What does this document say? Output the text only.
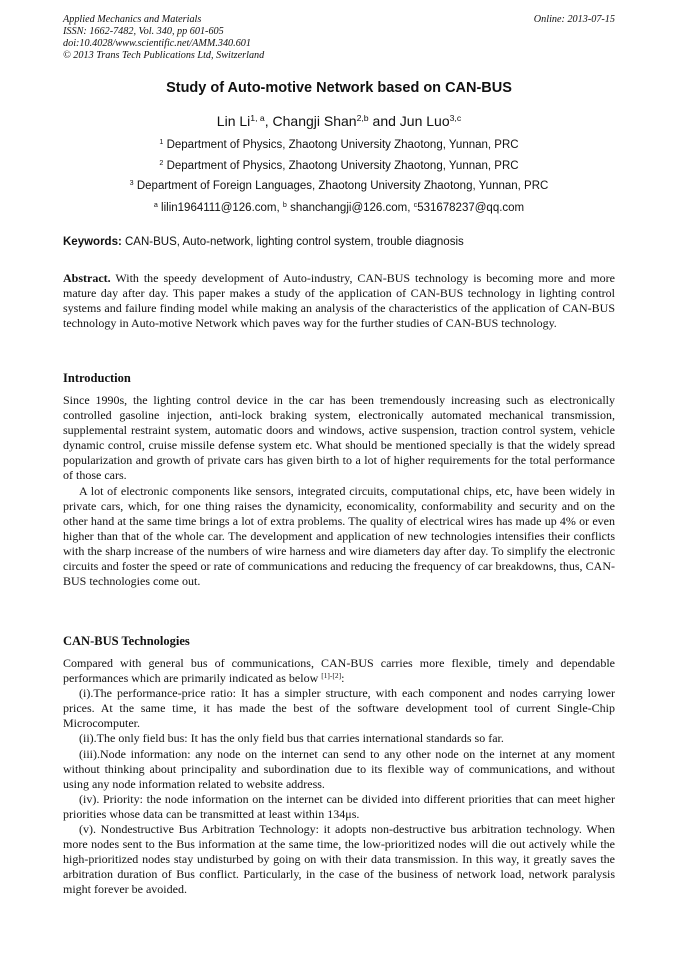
Applied Mechanics and Materials
ISSN: 1662-7482, Vol. 340, pp 601-605
doi:10.4028/www.scientific.net/AMM.340.601
© 2013 Trans Tech Publications Ltd, Switzerland
Online: 2013-07-15
Study of Auto-motive Network based on CAN-BUS
Lin Li$^{1, a}$, Changji Shan$^{2,b}$ and Jun Luo$^{3,c}$
$^1$ Department of Physics, Zhaotong University Zhaotong, Yunnan, PRC
$^2$ Department of Physics, Zhaotong University Zhaotong, Yunnan, PRC
$^3$ Department of Foreign Languages, Zhaotong University Zhaotong, Yunnan, PRC
$^a$ lilin1964111@126.com, $^b$ shanchangji@126.com, $^c$531678237@qq.com
Keywords: CAN-BUS, Auto-network, lighting control system, trouble diagnosis

Abstract. With the speedy development of Auto-industry, CAN-BUS technology is becoming more and more mature day after day. This paper makes a study of the application of CAN-BUS technology in lighting control systems and failure finding model while making an analysis of the characteristics of the application of CAN-BUS technology in Auto-motive Network which paves way for the further studies of CAN-BUS technology.

Introduction

Since 1990s, the lighting control device in the car has been tremendously increasing such as electronically controlled gasoline injection, anti-lock braking system, electronically automated mechanical transmission, supplemental restraint system, automatic doors and windows, active suspension, traction control system, vehicle dynamic control, cruise missile defense system etc. What should be mentioned specially is that the widely spread popularization and growth of private cars has given birth to a lot of higher requirements for the total performance of those cars.

A lot of electronic components like sensors, integrated circuits, computational chips, etc, have been widely in private cars, which, for one thing raises the dynamicity, economicality, conformability and security and on the other hand at the same time brings a lot of extra problems. The quality of electrical wires has made up 4% or even higher than that of the whole car. The development and application of new technologies intensifies their conflicts with the sharp increase of the numbers of wire harness and wire diameters day after day. To simplify the electronic circuits and foster the speed or rate of communications and reducing the frequency of car breakdowns, thus, CAN-BUS technologies come out.

CAN-BUS Technologies

Compared with general bus of communications, CAN-BUS carries more flexible, timely and dependable performances which are primarily indicated as below [1]-[2]:

(i).The performance-price ratio: It has a simpler structure, with each component and nodes carrying lower prices. At the same time, it has made the best of the software development tool of current Single-Chip Microcomputer.

(ii).The only field bus: It has the only field bus that carries international standards so far.

(iii).Node information: any node on the internet can send to any other node on the internet at any moment without thinking about principality and subordination due to its flexible way of communications, and without using any node information related to website address.

(iv). Priority: the node information on the internet can be divided into different priorities that can meet higher priorities whose data can be transmitted at least within 134μs.

(v). Nondestructive Bus Arbitration Technology: it adopts non-destructive bus arbitration technology. When more nodes sent to the Bus information at the same time, the low-prioritized nodes will die out actively while the high-prioritized nodes stay undisturbed by going on with their data transmission. In this way, it greatly saves the arbitration duration of Bus conflict. Particularly, in the case of the business of network load, network paralysis might forever be avoided.
